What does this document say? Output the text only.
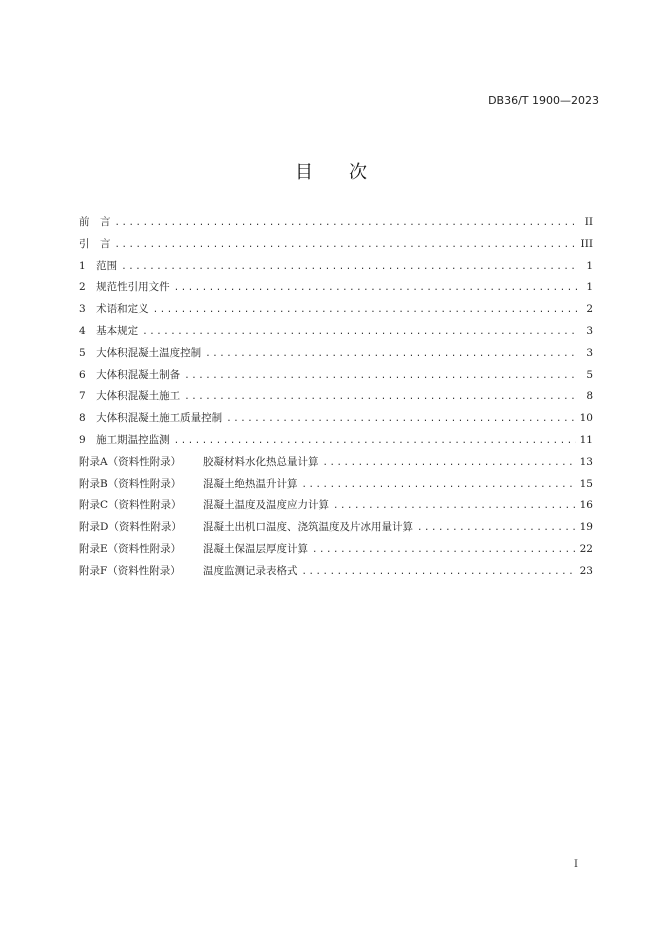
DB36/T 1900—2023
目次
前　言 .....	II
引　言 .....	III
1　范围 .....	1
2　规范性引用文件 .....	1
3　术语和定义 .....	2
4　基本规定 .....	3
5　大体积混凝土温度控制 .....	3
6　大体积混凝土制备 .....	5
7　大体积混凝土施工 .....	8
8　大体积混凝土施工质量控制 .....	10
9　施工期温控监测 .....	11
附录A（资料性附录）	胶凝材料水化热总量计算 .....	13
附录B（资料性附录）	混凝土绝热温升计算 .....	15
附录C（资料性附录）	混凝土温度及温度应力计算 .....	16
附录D（资料性附录）	混凝土出机口温度、浇筑温度及片冰用量计算 .....	19
附录E（资料性附录）	混凝土保温层厚度计算 .....	22
附录F（资料性附录）	温度监测记录表格式 .....	23
I
